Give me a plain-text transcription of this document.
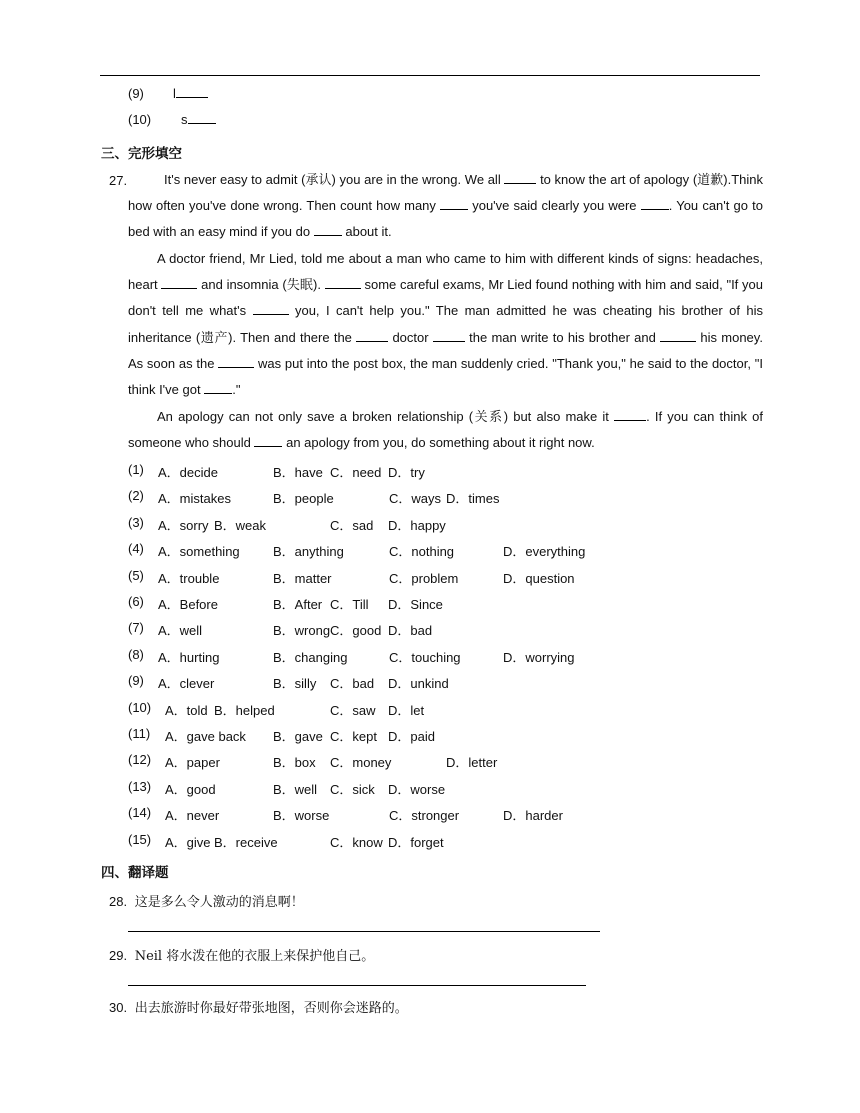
(9) l
(10) s
三、完形填空
27.	It's never easy to admit (承认) you are in the wrong. We all	to know the art of apology (道歉).Think how often you've done wrong. Then count how many	you've said clearly you were . You can't go to bed with an easy mind if you do	about it.
A doctor friend, Mr Lied, told me about a man who came to him with different kinds of signs: headaches, heart	and insomnia (失眠).	some careful exams, Mr Lied found nothing with him and said, "If you don't tell me what's	you, I can't help you." The man admitted he was cheating his brother of his inheritance (遗产). Then and there the	doctor	the man write to his brother and	his money. As soon as the	was put into the post box, the man suddenly cried. "Thank you," he said to the doctor, "I think I've got ."
An apology can not only save a broken relationship (关系) but also make it	. If you can think of someone who should	an apology from you, do something about it right now.
(1) A．decide	B．have C．need D．try
(2) A．mistakes	B．people	C．ways D．times
(3) A．sorry B．weak	C．sad D．happy
(4) A．something	B．anything	C．nothing	D．everything
(5) A．trouble	B．matter	C．problem	D．question
(6) A．Before	B．After C．Till D．Since
(7) A．well	B．wrong C．good D．bad
(8) A．hurting	B．changing	C．touching	D．worrying
(9) A．clever	B．silly C．bad D．unkind
(10) A．told B．helped	C．saw D．let
(11) A．gave back B．gave C．kept D．paid
(12) A．paper	B．box C．money	D．letter
(13) A．good	B．well C．sick D．worse
(14) A．never	B．worse	C．stronger	D．harder
(15) A．give B．receive	C．know D．forget
四、翻译题
28. 这是多么令人激动的消息啊！
29. Neil 将水泼在他的衣服上来保护他自己。
30. 出去旅游时你最好带张地图，否则你会迷路的。
